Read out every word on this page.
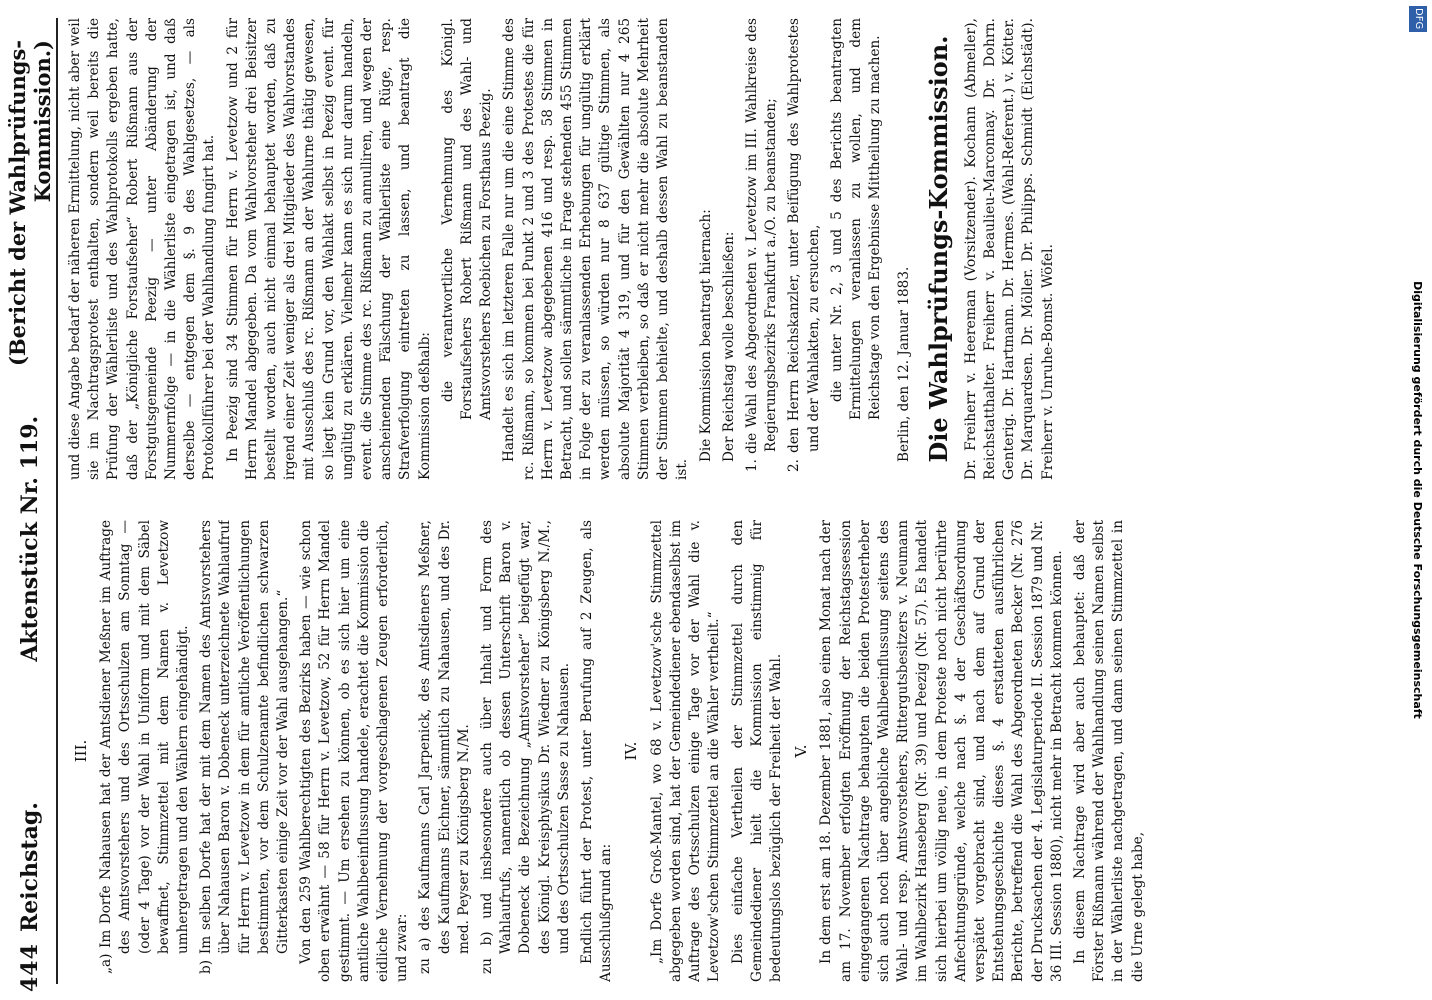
444
Reichstag.
Aktenstück Nr. 119.
(Bericht der Wahlprüfungs-Kommission.)
III. „a) Im Dorfe Nahausen hat der Amtsdiener Meßner im Auftrage des Amtsvorstehers und des Ortsschulzen am Sonntag — (oder 4 Tage) vor der Wahl in Uniform und mit dem Säbel bewaffnet, Stimmzettel mit dem Namen v. Levetzow umhergetragen und den Wählern eingehändigt. b) Im selben Dorfe hat der mit dem Namen des Amtsvorstehers über Nahausen Baron v. Dobeneck unterzeichnete Wahlaufruf für Herrn v. Levetzow in dem für amtliche Veröffentlichungen bestimmten, vor dem Schulzenamte befindlichen schwarzen Gitterkasten einige Zeit vor der Wahl ausgehangen.“ Von den 259 Wahlberechtigten des Bezirks haben — wie schon oben erwähnt — 58 für Herrn v. Levetzow, 52 für Herrn Mandel gestimmt. — Um ersehen zu können, ob es sich hier um eine amtliche Wahlbeeinflussung handele, erachtet die Kommission die eidliche Vernehmung der vorgeschlagenen Zeugen erforderlich, und zwar: zu a) des Kaufmanns Carl Jarpenick, des Amtsdieners Meßner, des Kaufmanns Eichner, sämmtlich zu Nahausen, und des Dr. med. Peyser zu Königsberg N./M. zu b) und insbesondere auch über Inhalt und Form des Wahlaufrufs, namentlich ob dessen Unterschrift Baron v. Dobeneck die Bezeichnung „Amtsvorsteher“ beigefügt war, des Königl. Kreisphysikus Dr. Wiedner zu Königsberg N./M., und des Ortsschulzen Sasse zu Nahausen. Endlich führt der Protest, unter Berufung auf 2 Zeugen, als Ausschlußgrund an:

IV. „Im Dorfe Groß-Mantel, wo 68 v. Levetzow'sche Stimmzettel abgegeben worden sind, hat der Gemeindediener ebendaselbst im Auftrage des Ortsschulzen einige Tage vor der Wahl die v. Levetzow'schen Stimmzettel an die Wähler vertheilt.“ Dies einfache Vertheilen der Stimmzettel durch den Gemeindediener hielt die Kommission einstimmig für bedeutungslos bezüglich der Freiheit der Wahl. V. In dem erst am 18. Dezember 1881, also einen Monat nach der am 17. November erfolgten Eröffnung der Reichstagssession eingegangenen Nachtrage behaupten die beiden Protesterheber sich auch noch über angebliche Wahlbeeinflussung seitens des Wahl- und resp. Amtsvorstehers, Rittergutsbesitzers v. Neumann im Wahlbezirk Hanseberg (Nr. 39) und Peezig (Nr. 57). Es handelt sich hierbei um völlig neue, in dem Proteste noch nicht berührte Anfechtungsgründe, welche nach §. 4 der Geschäftsordnung verspätet vorgebracht sind, und nach dem auf Grund der Entstehungsgeschichte dieses §. 4 erstatteten ausführlichen Berichte, betreffend die Wahl des Abgeordneten Becker (Nr. 276 der Drucksachen der 4. Legislaturperiode II. Session 1879 und Nr. 36 III. Session 1880), nicht mehr in Betracht kommen können. In diesem Nachtrage wird aber auch behauptet: daß der Förster Rißmann während der Wahlhandlung seinen Namen selbst in der Wählerliste nachgetragen, und dann seinen Stimmzettel in die Urne gelegt habe,

und diese Angabe bedarf der näheren Ermittelung, nicht aber weil sie im Nachtragsprotest enthalten, sondern weil bereits die Prüfung der Wählerliste und des Wahlprotokolls ergeben hatte, daß der „Königliche Forstaufseher“ Robert Rißmann aus der Forstgutsgemeinde Peezig — unter Abänderung der Nummernfolge — in die Wählerliste eingetragen ist, und daß derselbe — entgegen dem §. 9 des Wahlgesetzes, — als Protokollführer bei der Wahlhandlung fungirt hat. In Peezig sind 34 Stimmen für Herrn v. Levetzow und 2 für Herrn Mandel abgegeben. Da vom Wahlvorsteher drei Beisitzer bestellt worden, auch nicht einmal behauptet worden, daß zu irgend einer Zeit weniger als drei Mitglieder des Wahlvorstandes mit Ausschluß des rc. Rißmann an der Wahlurne thätig gewesen, so liegt kein Grund vor, den Wahlakt selbst in Peezig event. für ungültig zu erklären. Vielmehr kann es sich nur darum handeln, event. die Stimme des rc. Rißmann zu annulliren, und wegen der anscheinenden Fälschung der Wählerliste eine Rüge, resp. Strafverfolgung eintreten zu lassen, und beantragt die Kommission deßhalb:

die verantwortliche Vernehmung des Königl. Forstaufsehers Robert Rißmann und des Wahl- und Amtsvorstehers Roebichen zu Forsthaus Peezig. Handelt es sich im letzteren Falle nur um die eine Stimme des rc. Rißmann, so kommen bei Punkt 2 und 3 des Protestes die für Herrn v. Levetzow abgegebenen 416 und resp. 58 Stimmen in Betracht, und sollen sämmtliche in Frage stehenden 455 Stimmen in Folge der zu veranlassenden Erhebungen für ungültig erklärt werden müssen, so würden nur 8 637 gültige Stimmen, als absolute Majorität 4 319, und für den Gewählten nur 4 265 Stimmen verbleiben, so daß er nicht mehr die absolute Mehrheit der Stimmen behielte, und deshalb dessen Wahl zu beanstanden ist.

Die Kommission beantragt hiernach: Der Reichstag wolle beschließen: 1. die Wahl des Abgeordneten v. Levetzow im III. Wahlkreise des Regierungsbezirks Frankfurt a./O. zu beanstanden; 2. den Herrn Reichskanzler, unter Beifügung des Wahlprotestes und der Wahlakten, zu ersuchen, die unter Nr. 2, 3 und 5 des Berichts beantragten Ermittelungen veranlassen zu wollen, und dem Reichstage von den Ergebnisse Mittheilung zu machen. Berlin, den 12. Januar 1883. Die Wahlprüfungs-Kommission. Dr. Freiherr v. Heereman (Vorsitzender). Kochann (Abmeller), Reichstatthalter. Freiherr v. Beaulieu-Marconnay. Dr. Dohrn. Genterig. Dr. Hartmann. Dr. Hermes. (Wahl-Referent.) v. Kötter. Dr. Marquardsen. Dr. Möller. Dr. Philipps. Schmidt (Eichstädt). Freiherr v. Unruhe-Bomst. Wöfel.	Digitalisierung gefördert durch die Deutsche Forschungsgemeinschaft
DFG
